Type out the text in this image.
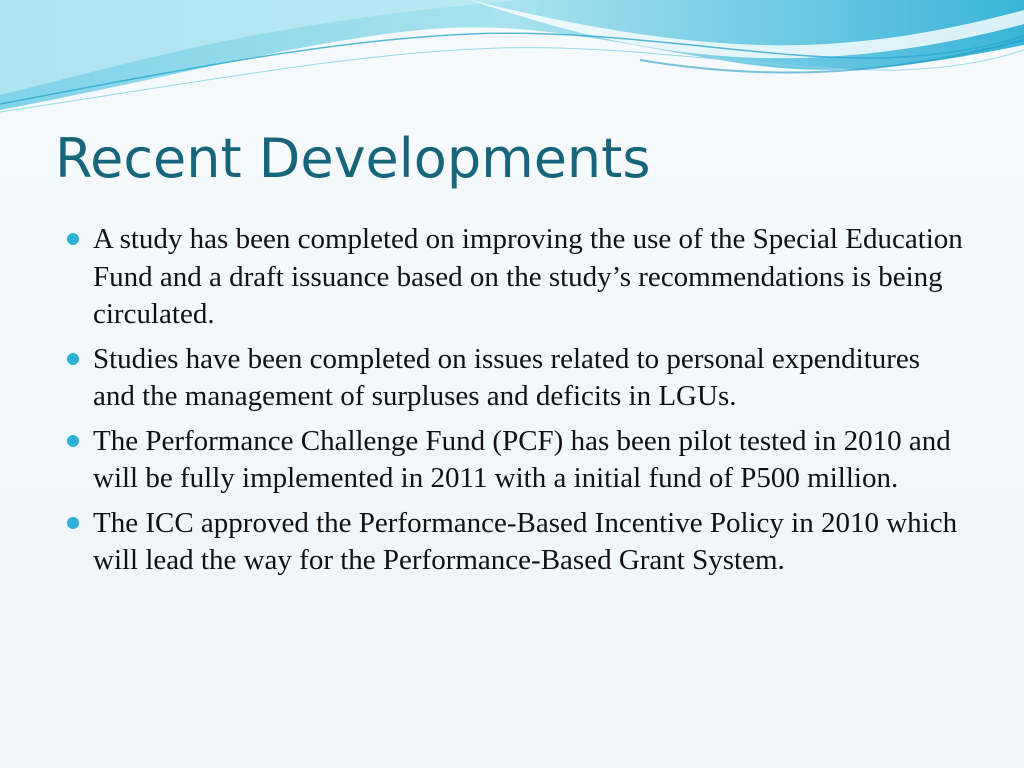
Recent Developments
A study has been completed on improving the use of the Special Education Fund and a draft issuance based on the study’s recommendations is being circulated.
Studies have been completed on issues related to personal expenditures and the management of surpluses and deficits in LGUs.
The Performance Challenge Fund (PCF) has been pilot tested in 2010 and will be fully implemented in 2011 with a initial fund of P500 million.
The ICC approved the Performance-Based Incentive Policy in 2010 which will lead the way for the Performance-Based Grant System.
